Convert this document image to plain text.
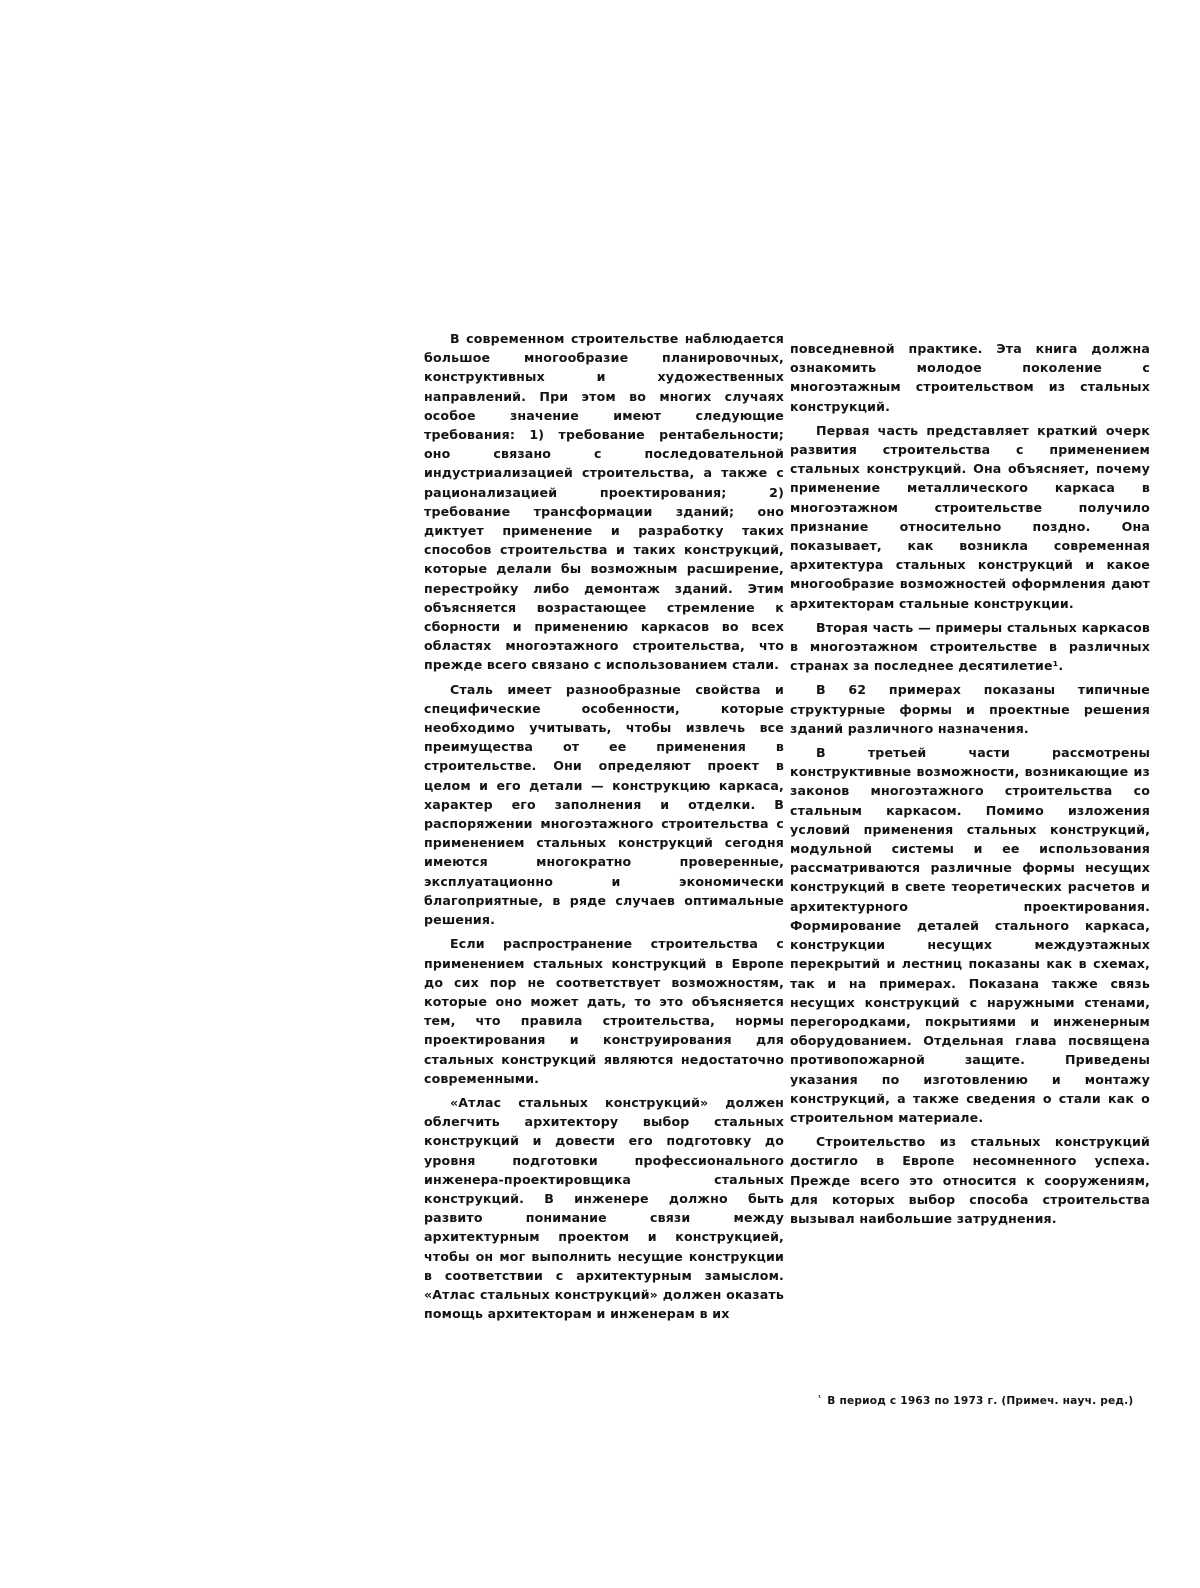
В современном строительстве наблюдается большое многообразие планировочных, конструктивных и художественных направлений. При этом во многих случаях особое значение имеют следующие требования: 1) требование рентабельности; оно связано с последовательной индустриализацией строительства, а также с рационализацией проектирования; 2) требование трансформации зданий; оно диктует применение и разработку таких способов строительства и таких конструкций, которые делали бы возможным расширение, перестройку либо демонтаж зданий. Этим объясняется возрастающее стремление к сборности и применению каркасов во всех областях многоэтажного строительства, что прежде всего связано с использованием стали.

Сталь имеет разнообразные свойства и специфические особенности, которые необходимо учитывать, чтобы извлечь все преимущества от ее применения в строительстве. Они определяют проект в целом и его детали — конструкцию каркаса, характер его заполнения и отделки. В распоряжении многоэтажного строительства с применением стальных конструкций сегодня имеются многократно проверенные, эксплуатационно и экономически благоприятные, в ряде случаев оптимальные решения.

Если распространение строительства с применением стальных конструкций в Европе до сих пор не соответствует возможностям, которые оно может дать, то это объясняется тем, что правила строительства, нормы проектирования и конструирования для стальных конструкций являются недостаточно современными.

«Атлас стальных конструкций» должен облегчить архитектору выбор стальных конструкций и довести его подготовку до уровня подготовки профессионального инженера-проектировщика стальных конструкций. В инженере должно быть развито понимание связи между архитектурным проектом и конструкцией, чтобы он мог выполнить несущие конструкции в соответствии с архитектурным замыслом. «Атлас стальных конструкций» должен оказать помощь архитекторам и инженерам в их

повседневной практике. Эта книга должна ознакомить молодое поколение с многоэтажным строительством из стальных конструкций.

Первая часть представляет краткий очерк развития строительства с применением стальных конструкций. Она объясняет, почему применение металлического каркаса в многоэтажном строительстве получило признание относительно поздно. Она показывает, как возникла современная архитектура стальных конструкций и какое многообразие возможностей оформления дают архитекторам стальные конструкции.

Вторая часть — примеры стальных каркасов в многоэтажном строительстве в различных странах за последнее десятилетие¹.

В 62 примерах показаны типичные структурные формы и проектные решения зданий различного назначения.

В третьей части рассмотрены конструктивные возможности, возникающие из законов многоэтажного строительства со стальным каркасом. Помимо изложения условий применения стальных конструкций, модульной системы и ее использования рассматриваются различные формы несущих конструкций в свете теоретических расчетов и архитектурного проектирования. Формирование деталей стального каркаса, конструкции несущих междуэтажных перекрытий и лестниц показаны как в схемах, так и на примерах. Показана также связь несущих конструкций с наружными стенами, перегородками, покрытиями и инженерным оборудованием. Отдельная глава посвящена противопожарной защите. Приведены указания по изготовлению и монтажу конструкций, а также сведения о стали как о строительном материале.

Строительство из стальных конструкций достигло в Европе несомненного успеха. Прежде всего это относится к сооружениям, для которых выбор способа строительства вызывал наибольшие затруднения.

$^{^1}$ В период с 1963 по 1973 г. (Примеч. науч. ред.)
